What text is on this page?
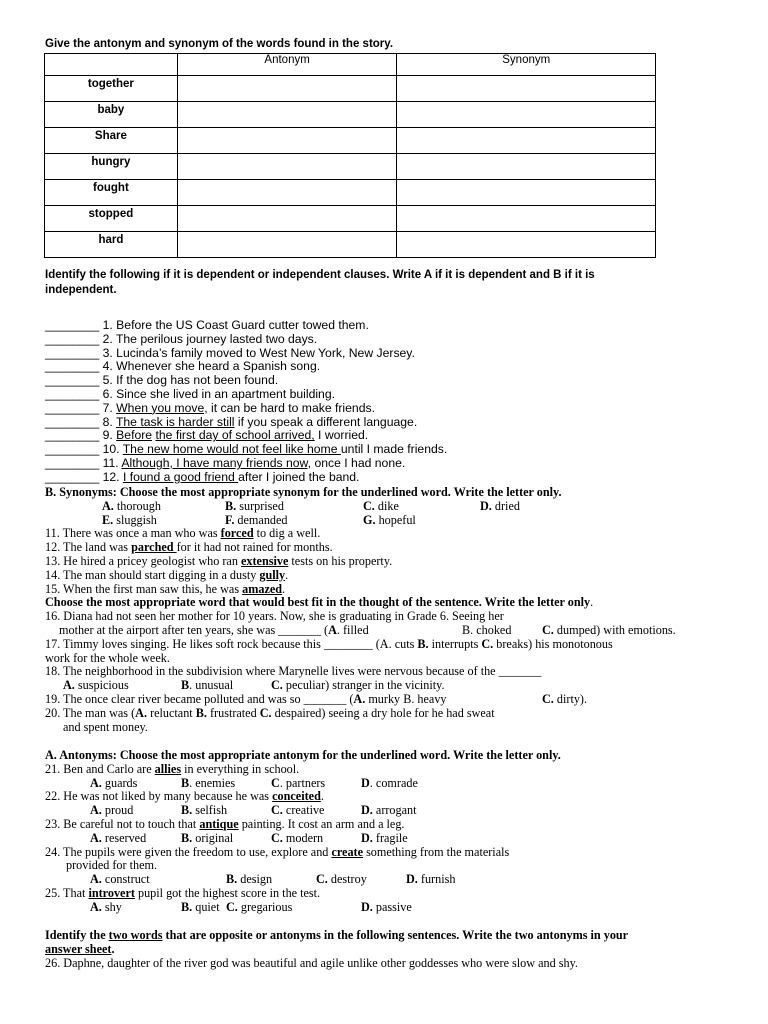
Give the antonym and synonym of the words found in the story.
	Antonym	Synonym
together		
baby		
Share		
hungry		
fought		
stopped		
hard		
Identify the following if it is dependent or independent clauses. Write A if it is dependent and B if it is
independent.
________ 1. Before the US Coast Guard cutter towed them.
________ 2. The perilous journey lasted two days.
________ 3. Lucinda’s family moved to West New York, New Jersey.
________ 4. Whenever she heard a Spanish song.
________ 5. If the dog has not been found.
________ 6. Since she lived in an apartment building.
________ 7. When you move, it can be hard to make friends.
________ 8. The task is harder still if you speak a different language.
________ 9. Before the first day of school arrived, I worried.
________ 10. The new home would not feel like home until I made friends.
________ 11. Although, I have many friends now, once I had none.
________ 12. I found a good friend after I joined the band.
B. Synonyms: Choose the most appropriate synonym for the underlined word. Write the letter only.
A. thorough	B. surprised	C. dike	D. dried
E. sluggish	F. demanded	G. hopeful
11. There was once a man who was forced to dig a well.
12. The land was parched for it had not rained for months.
13. He hired a pricey geologist who ran extensive tests on his property.
14. The man should start digging in a dusty gully.
15. When the first man saw this, he was amazed.
Choose the most appropriate word that would best fit in the thought of the sentence. Write the letter only.
16. Diana had not seen her mother for 10 years. Now, she is graduating in Grade 6. Seeing her
mother at the airport after ten years, she was _______ (A. filled	B. choked	C. dumped) with emotions.
17. Timmy loves singing. He likes soft rock because this ________ (A. cuts B. interrupts C. breaks) his monotonous
work for the whole week.
18. The neighborhood in the subdivision where Marynelle lives were nervous because of the _______
A. suspicious	B. unusual	C. peculiar) stranger in the vicinity.
19. The once clear river became polluted and was so _______ (A. murky B. heavy	C. dirty).
20. The man was (A. reluctant B. frustrated C. despaired) seeing a dry hole for he had sweat
and spent money.
A. Antonyms: Choose the most appropriate antonym for the underlined word. Write the letter only.
21. Ben and Carlo are allies in everything in school.
A. guards	B. enemies	C. partners	D. comrade
22. He was not liked by many because he was conceited.
A. proud	B. selfish	C. creative	D. arrogant
23. Be careful not to touch that antique painting. It cost an arm and a leg.
A. reserved	B. original	C. modern	D. fragile
24. The pupils were given the freedom to use, explore and create something from the materials
provided for them.
A. construct	B. design	C. destroy	D. furnish
25. That introvert pupil got the highest score in the test.
A. shy	B. quiet C. gregarious	D. passive
Identify the two words that are opposite or antonyms in the following sentences. Write the two antonyms in your
answer sheet.
26. Daphne, daughter of the river god was beautiful and agile unlike other goddesses who were slow and shy.
